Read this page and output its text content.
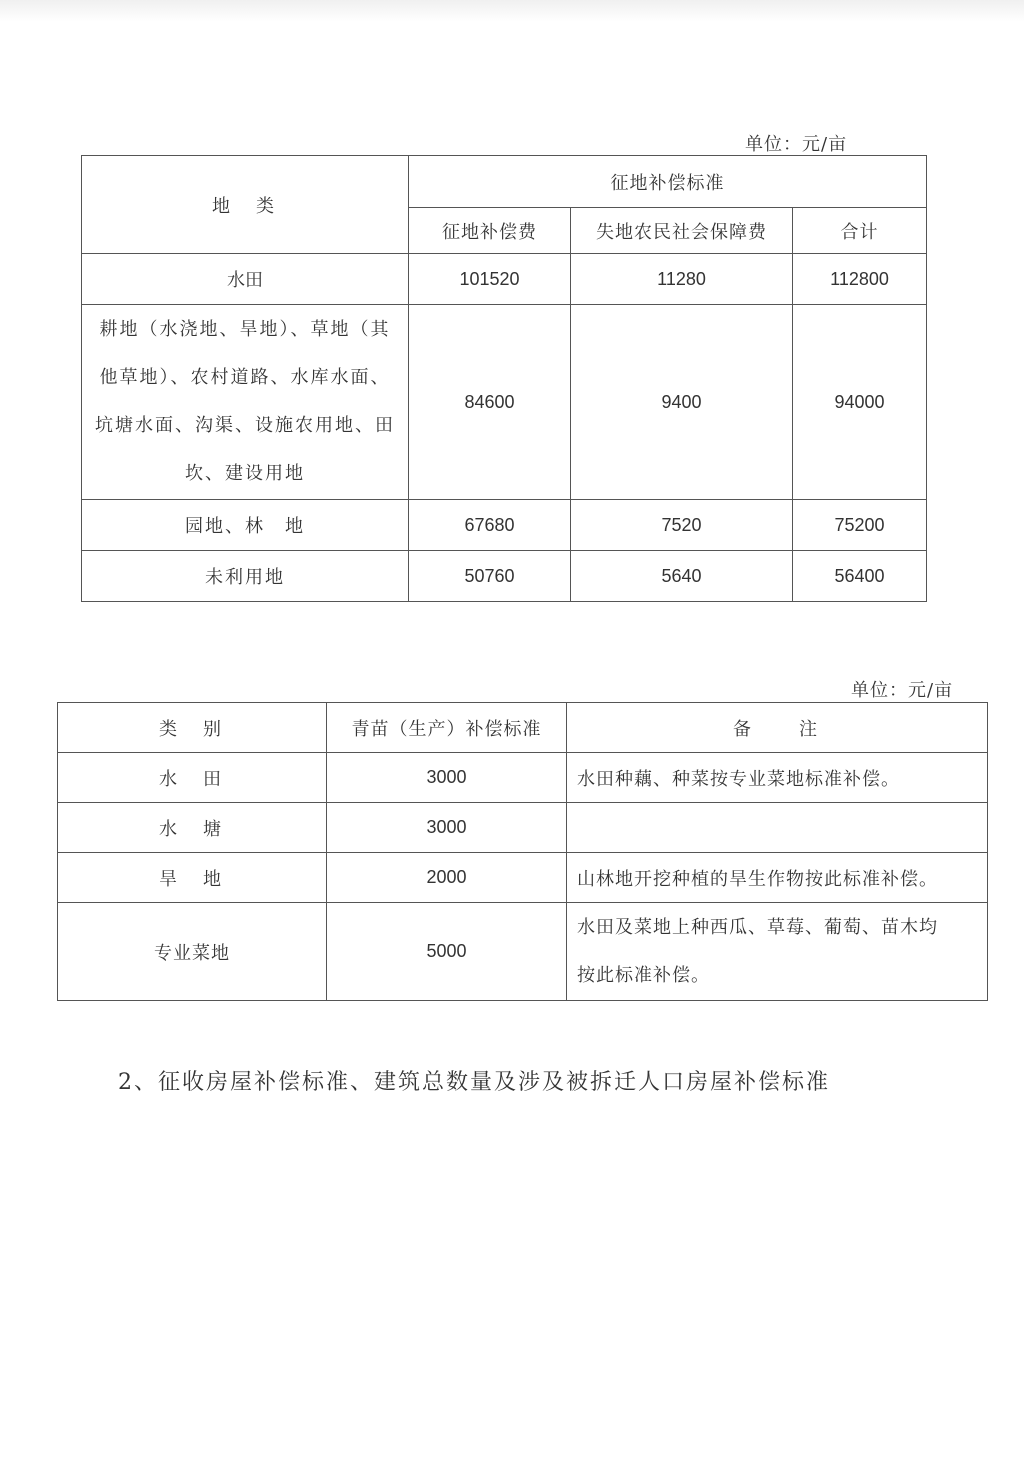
单位：元/亩
地　类	征地补偿标准		
	征地补偿费	失地农民社会保障费	合计
水田	101520	11280	112800

耕地（水浇地、旱地）、草地（其
他草地）、农村道路、水库水面、
坑塘水面、沟渠、设施农用地、田
坎、建设用地	84600	9400	94000
园地、林　地	67680	7520	75200
未利用地	50760	5640	56400
单位：元/亩
类　别	青苗（生产）补偿标准	备　　注
水　田	3000	水田种藕、种菜按专业菜地标准补偿。
水　塘	3000	
旱　地	2000	山林地开挖种植的旱生作物按此标准补偿。
专业菜地	5000	水田及菜地上种西瓜、草莓、葡萄、苗木均
按此标准补偿。
2、征收房屋补偿标准、建筑总数量及涉及被拆迁人口房屋补偿标准
